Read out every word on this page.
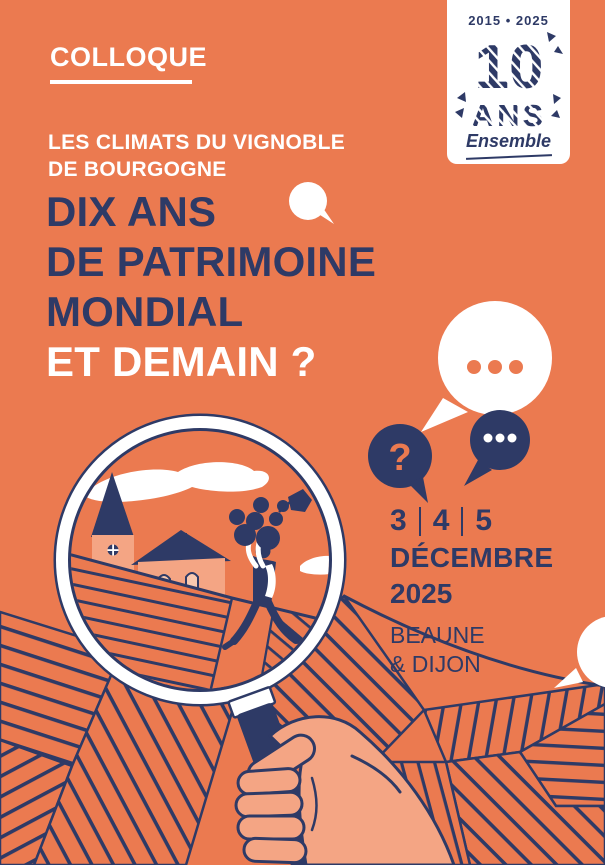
?
COLLOQUE
LES CLIMATS DU VIGNOBLE
DE BOURGOGNE
DIX ANS
DE PATRIMOINE
MONDIAL
ET DEMAIN ?
3 4 5
DÉCEMBRE
2025
BEAUNE
& DIJON
2015 • 2025
10
ANS
Ensemble
